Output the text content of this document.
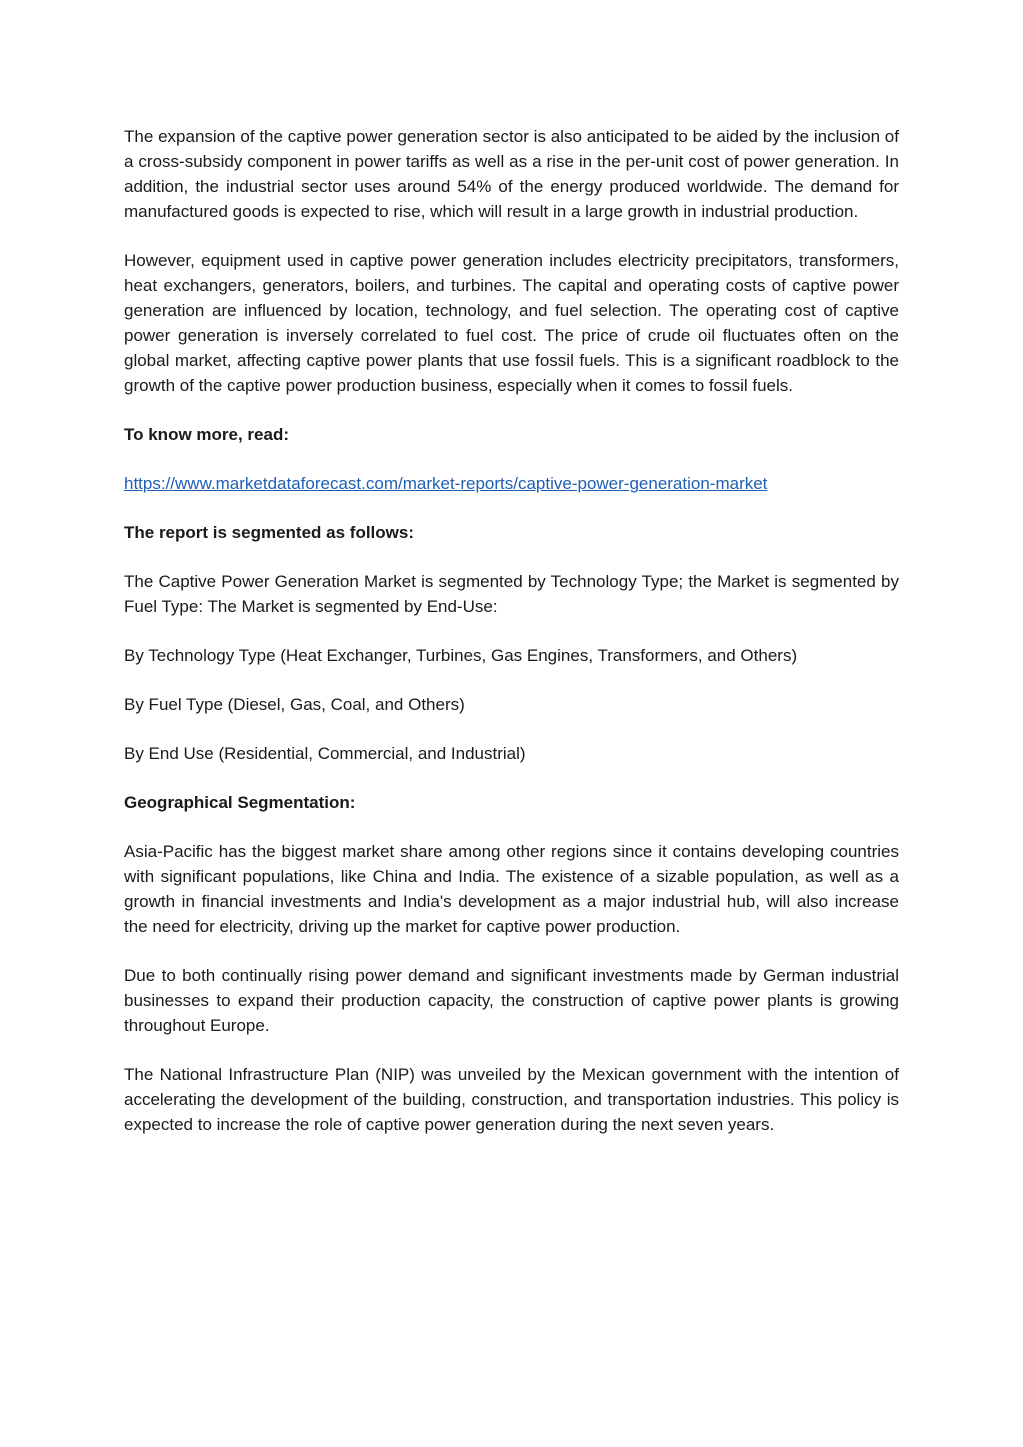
The expansion of the captive power generation sector is also anticipated to be aided by the inclusion of a cross-subsidy component in power tariffs as well as a rise in the per-unit cost of power generation. In addition, the industrial sector uses around 54% of the energy produced worldwide. The demand for manufactured goods is expected to rise, which will result in a large growth in industrial production.

However, equipment used in captive power generation includes electricity precipitators, transformers, heat exchangers, generators, boilers, and turbines. The capital and operating costs of captive power generation are influenced by location, technology, and fuel selection. The operating cost of captive power generation is inversely correlated to fuel cost. The price of crude oil fluctuates often on the global market, affecting captive power plants that use fossil fuels. This is a significant roadblock to the growth of the captive power production business, especially when it comes to fossil fuels.

To know more, read:
https://www.marketdataforecast.com/market-reports/captive-power-generation-market
The report is segmented as follows:

The Captive Power Generation Market is segmented by Technology Type; the Market is segmented by Fuel Type: The Market is segmented by End-Use:

By Technology Type (Heat Exchanger, Turbines, Gas Engines, Transformers, and Others)

By Fuel Type (Diesel, Gas, Coal, and Others)

By End Use (Residential, Commercial, and Industrial)

Geographical Segmentation:

Asia-Pacific has the biggest market share among other regions since it contains developing countries with significant populations, like China and India. The existence of a sizable population, as well as a growth in financial investments and India's development as a major industrial hub, will also increase the need for electricity, driving up the market for captive power production.

Due to both continually rising power demand and significant investments made by German industrial businesses to expand their production capacity, the construction of captive power plants is growing throughout Europe.

The National Infrastructure Plan (NIP) was unveiled by the Mexican government with the intention of accelerating the development of the building, construction, and transportation industries. This policy is expected to increase the role of captive power generation during the next seven years.
